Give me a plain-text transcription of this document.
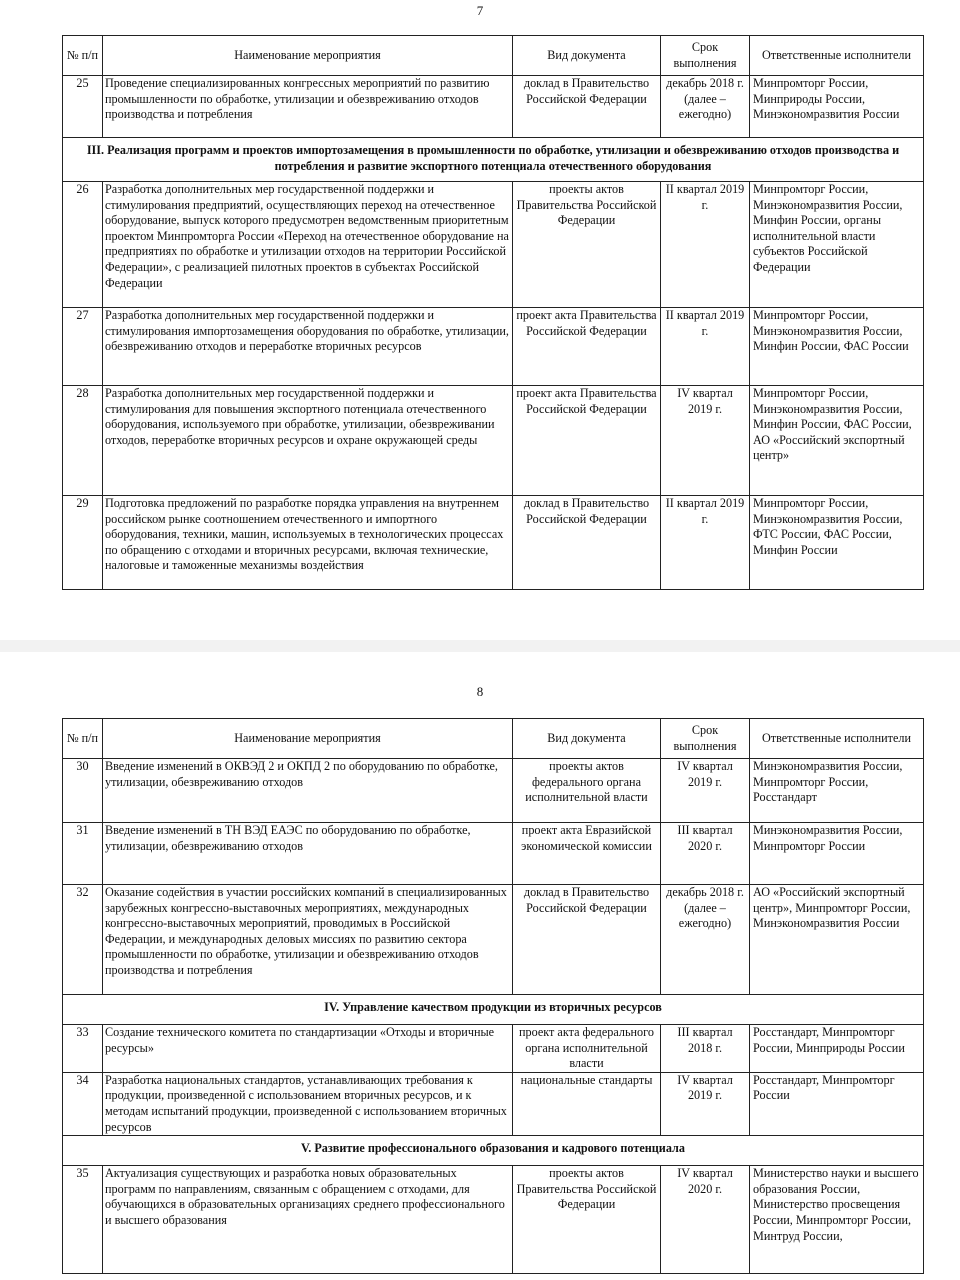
7
№ п/п	Наименование мероприятия	Вид документа	Срок выполнения	Ответственные исполнители
25	Проведение специализированных конгрессных мероприятий по развитию промышленности по обработке, утилизации и обезвреживанию отходов производства и потребления	доклад в Правительство Российской Федерации	декабрь 2018 г. (далее – ежегодно)	Минпромторг России, Минприроды России, Минэкономразвития России
III. Реализация программ и проектов импортозамещения в промышленности по обработке, утилизации и обезвреживанию отходов производства и потребления и развитие экспортного потенциала отечественного оборудования				
26	Разработка дополнительных мер государственной поддержки и стимулирования предприятий, осуществляющих переход на отечественное оборудование, выпуск которого предусмотрен ведомственным приоритетным проектом Минпромторга России «Переход на отечественное оборудование на предприятиях по обработке и утилизации отходов на территории Российской Федерации», с реализацией пилотных проектов в субъектах Российской Федерации	проекты актов Правительства Российской Федерации	II квартал 2019 г.	Минпромторг России, Минэкономразвития России, Минфин России, органы исполнительной власти субъектов Российской Федерации
27	Разработка дополнительных мер государственной поддержки и стимулирования импортозамещения оборудования по обработке, утилизации, обезвреживанию отходов и переработке вторичных ресурсов	проект акта Правительства Российской Федерации	II квартал 2019 г.	Минпромторг России, Минэкономразвития России, Минфин России, ФАС России
28	Разработка дополнительных мер государственной поддержки и стимулирования для повышения экспортного потенциала отечественного оборудования, используемого при обработке, утилизации, обезвреживании отходов, переработке вторичных ресурсов и охране окружающей среды	проект акта Правительства Российской Федерации	IV квартал 2019 г.	Минпромторг России, Минэкономразвития России, Минфин России, ФАС России, АО «Российский экспортный центр»
29	Подготовка предложений по разработке порядка управления на внутреннем российском рынке соотношением отечественного и импортного оборудования, техники, машин, используемых в технологических процессах по обращению с отходами и вторичных ресурсами, включая технические, налоговые и таможенные механизмы воздействия	доклад в Правительство Российской Федерации	II квартал 2019 г.	Минпромторг России, Минэкономразвития России, ФТС России, ФАС России, Минфин России
8
№ п/п	Наименование мероприятия	Вид документа	Срок выполнения	Ответственные исполнители
30	Введение изменений в ОКВЭД 2 и ОКПД 2 по оборудованию по обработке, утилизации, обезвреживанию отходов	проекты актов федерального органа исполнительной власти	IV квартал 2019 г.	Минэкономразвития России, Минпромторг России, Росстандарт
31	Введение изменений в ТН ВЭД ЕАЭС по оборудованию по обработке, утилизации, обезвреживанию отходов	проект акта Евразийской экономической комиссии	III квартал 2020 г.	Минэкономразвития России, Минпромторг России
32	Оказание содействия в участии российских компаний в специализированных зарубежных конгрессно-выставочных мероприятиях, международных конгрессно-выставочных мероприятий, проводимых в Российской Федерации, и международных деловых миссиях по развитию сектора промышленности по обработке, утилизации и обезвреживанию отходов производства и потребления	доклад в Правительство Российской Федерации	декабрь 2018 г. (далее – ежегодно)	АО «Российский экспортный центр», Минпромторг России, Минэкономразвития России
IV. Управление качеством продукции из вторичных ресурсов				
33	Создание технического комитета по стандартизации «Отходы и вторичные ресурсы»	проект акта федерального органа исполнительной власти	III квартал 2018 г.	Росстандарт, Минпромторг России, Минприроды России
34	Разработка национальных стандартов, устанавливающих требования к продукции, произведенной с использованием вторичных ресурсов, и к методам испытаний продукции, произведенной с использованием вторичных ресурсов	национальные стандарты	IV квартал 2019 г.	Росстандарт, Минпромторг России
V. Развитие профессионального образования и кадрового потенциала				
35	Актуализация существующих и разработка новых образовательных программ по направлениям, связанным с обращением с отходами, для обучающихся в образовательных организациях среднего профессионального и высшего образования	проекты актов Правительства Российской Федерации	IV квартал 2020 г.	Министерство науки и высшего образования России, Министерство просвещения России, Минпромторг России, Минтруд России,
